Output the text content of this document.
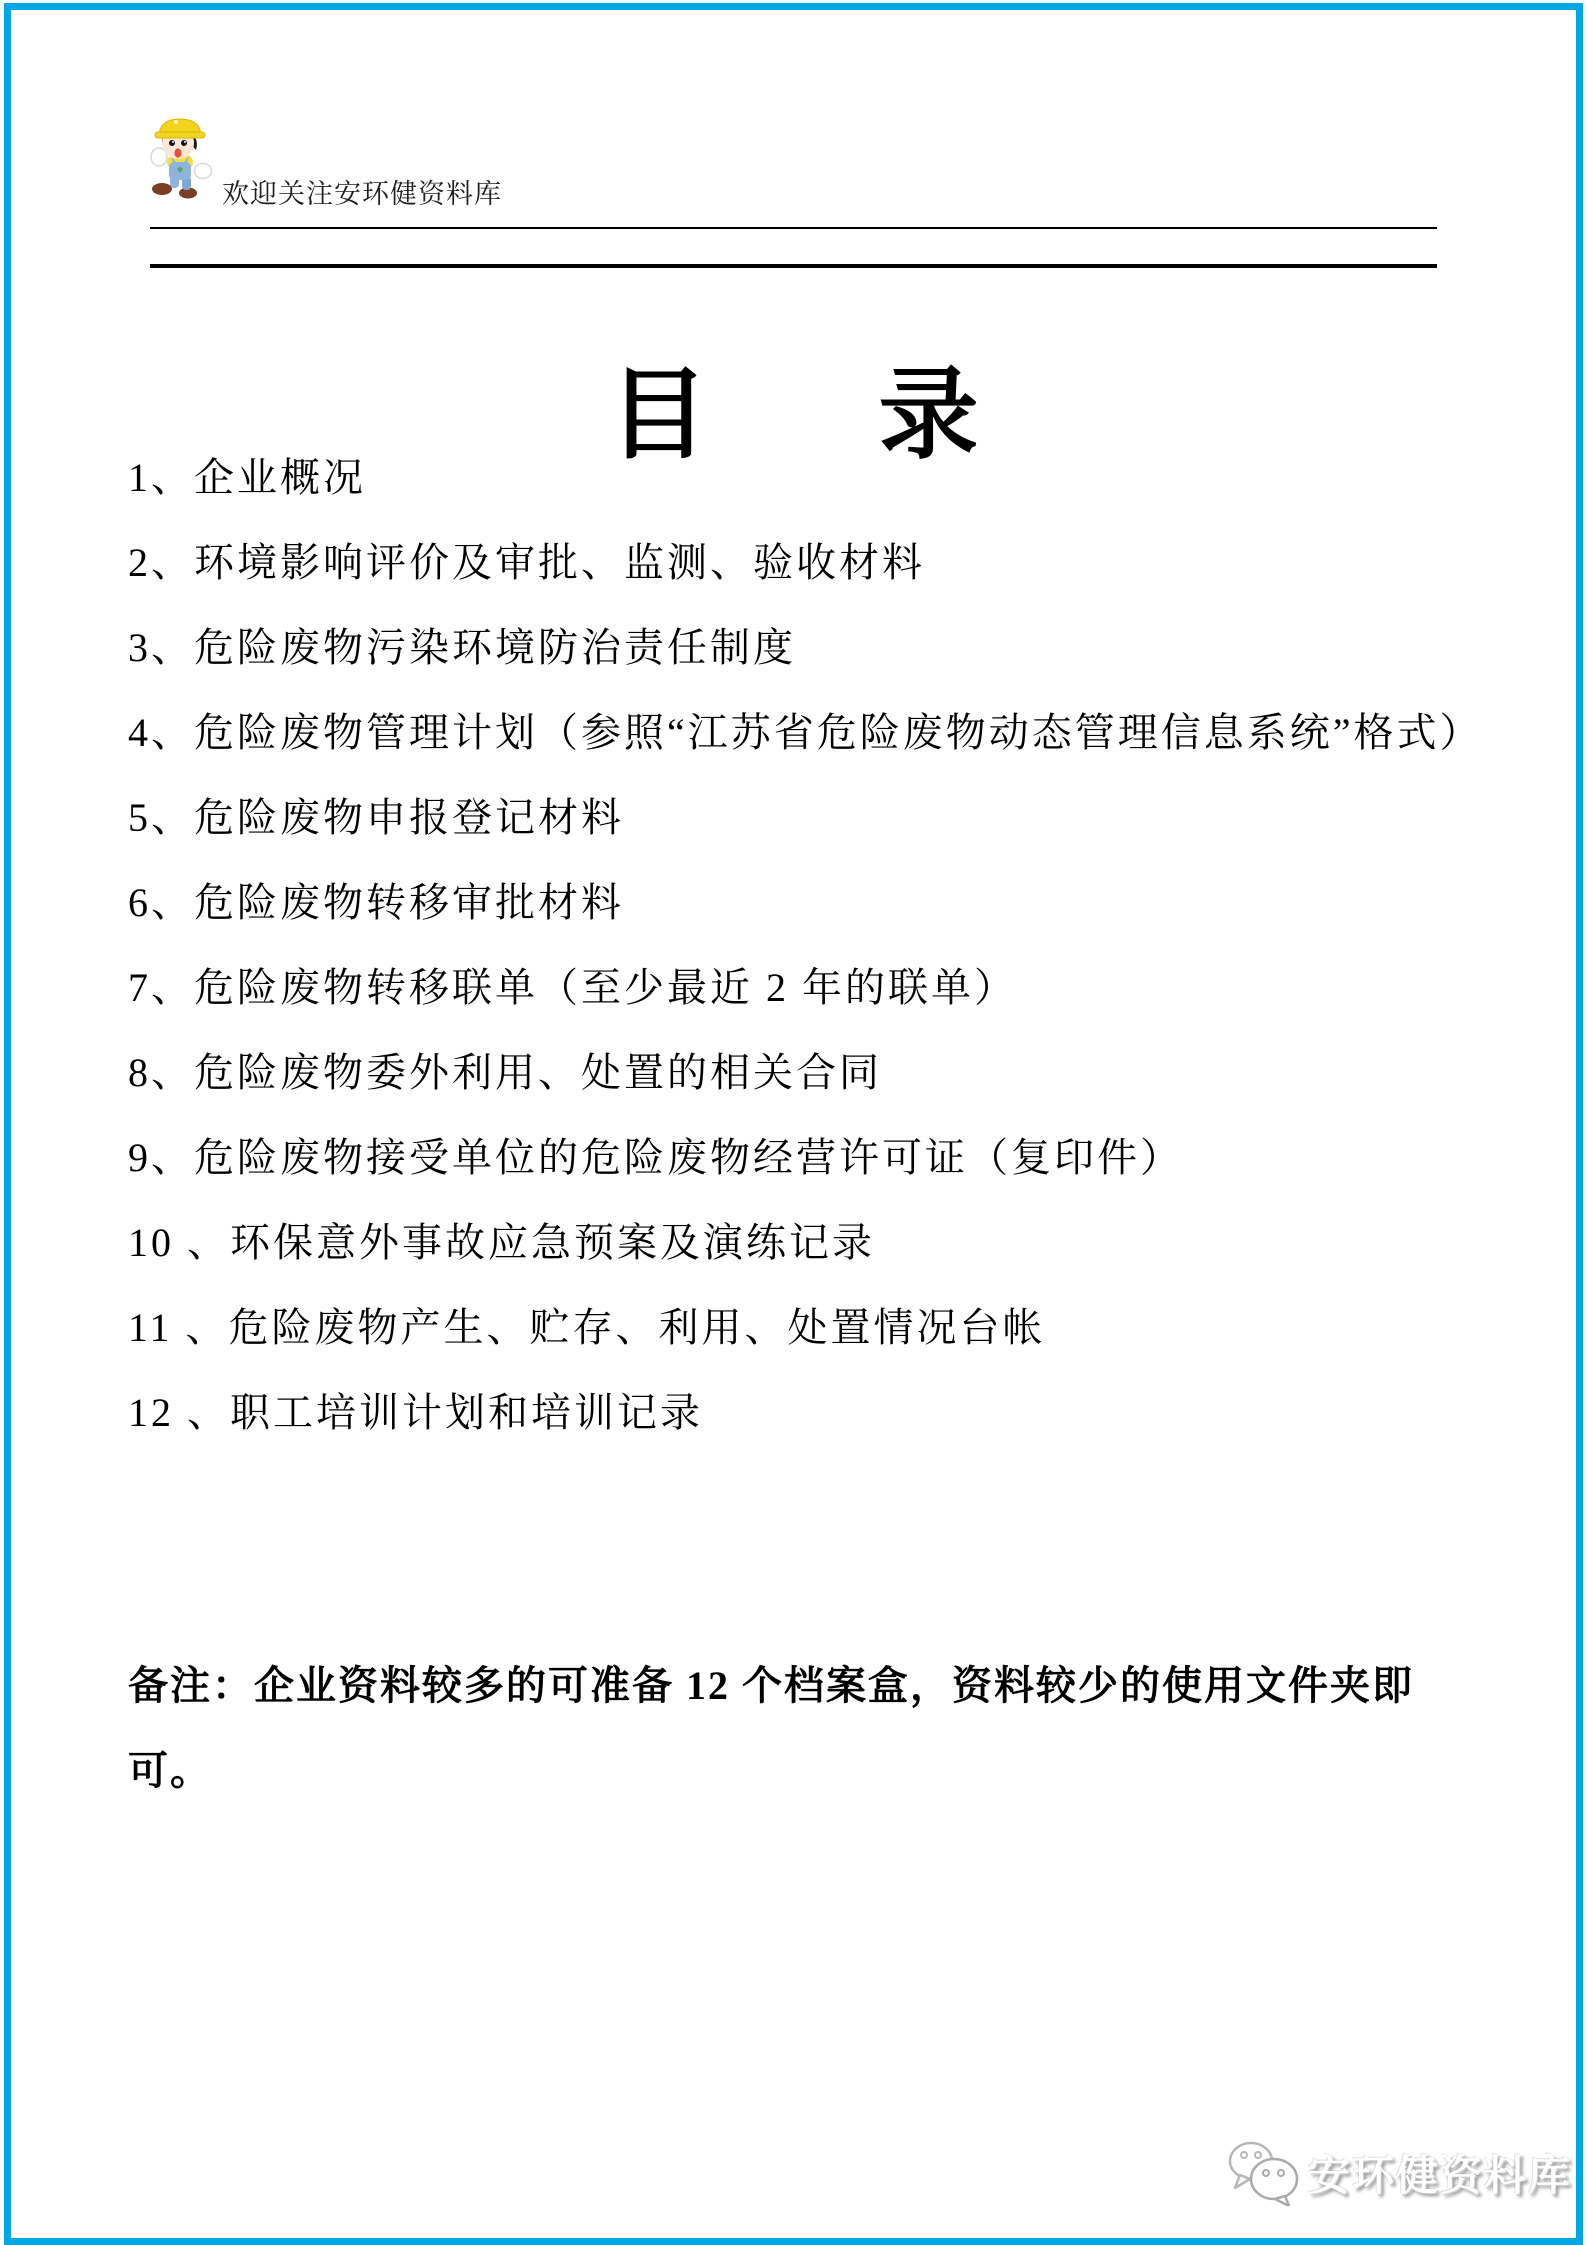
欢迎关注安环健资料库
目 录
1、企业概况
2、环境影响评价及审批、监测、验收材料
3、危险废物污染环境防治责任制度
4、危险废物管理计划（参照“江苏省危险废物动态管理信息系统”格式）
5、危险废物申报登记材料
6、危险废物转移审批材料
7、危险废物转移联单（至少最近 2 年的联单）
8、危险废物委外利用、处置的相关合同
9、危险废物接受单位的危险废物经营许可证（复印件）
10 、环保意外事故应急预案及演练记录
11 、危险废物产生、贮存、利用、处置情况台帐
12 、职工培训计划和培训记录

备注：企业资料较多的可准备 12 个档案盒，资料较少的使用文件夹即可。

安环健资料库
